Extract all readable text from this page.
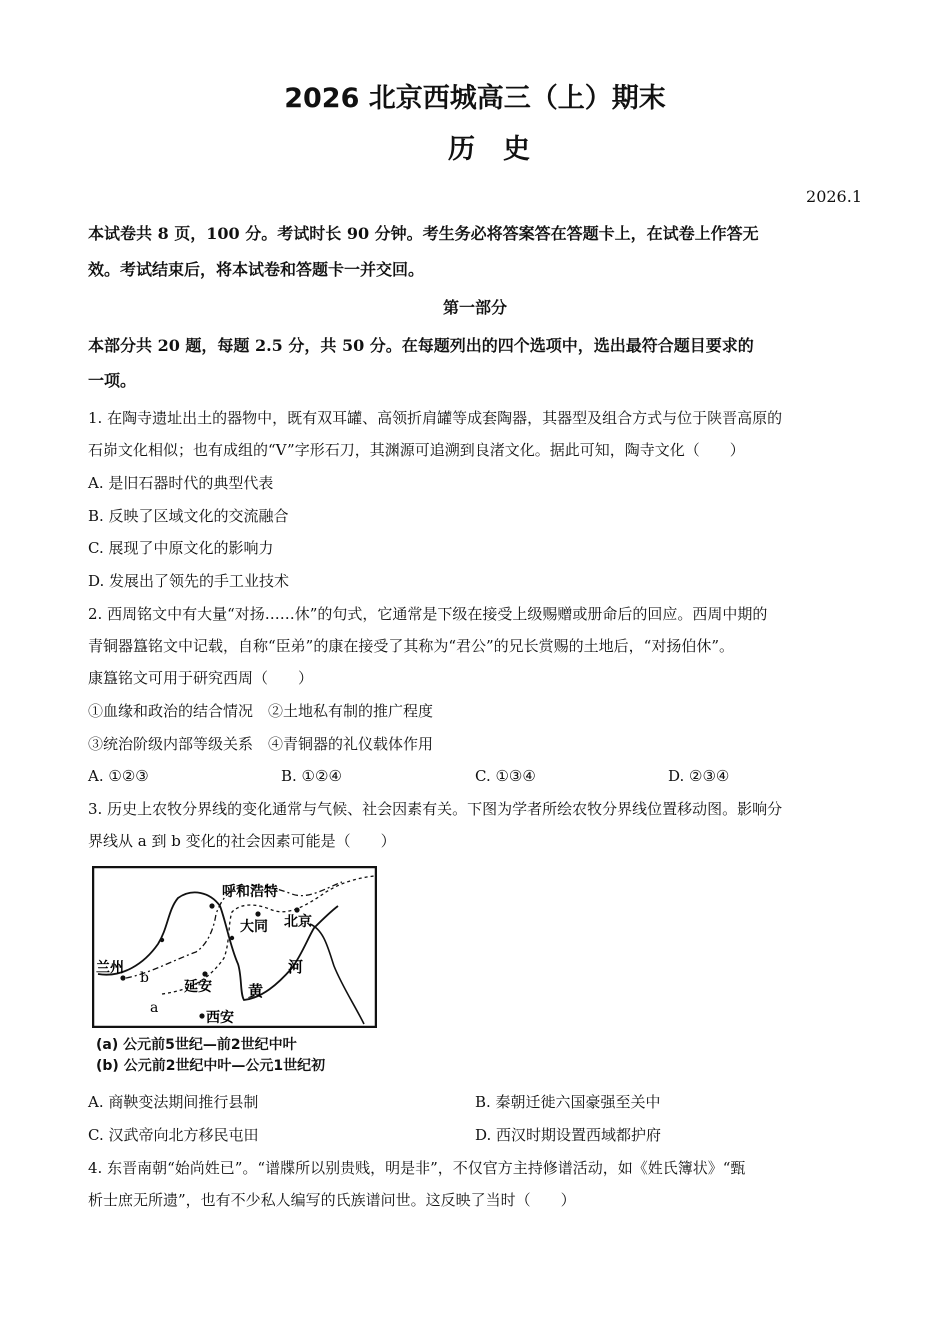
2026 北京西城高三（上）期末
历史
2026.1
本试卷共 8 页，100 分。考试时长 90 分钟。考生务必将答案答在答题卡上，在试卷上作答无
效。考试结束后，将本试卷和答题卡一并交回。
第一部分
本部分共 20 题，每题 2.5 分，共 50 分。在每题列出的四个选项中，选出最符合题目要求的
一项。
1. 在陶寺遗址出土的器物中，既有双耳罐、高领折肩罐等成套陶器，其器型及组合方式与位于陕晋高原的
石峁文化相似；也有成组的“V”字形石刀，其渊源可追溯到良渚文化。据此可知，陶寺文化（　　）
A. 是旧石器时代的典型代表
B. 反映了区域文化的交流融合
C. 展现了中原文化的影响力
D. 发展出了领先的手工业技术
2. 西周铭文中有大量“对扬……休”的句式，它通常是下级在接受上级赐赠或册命后的回应。西周中期的
青铜器簋铭文中记载，自称“臣弟”的康在接受了其称为“君公”的兄长赏赐的土地后，“对扬伯休”。
康簋铭文可用于研究西周（　　）
①血缘和政治的结合情况　②土地私有制的推广程度
③统治阶级内部等级关系　④青铜器的礼仪载体作用
A. ①②③	B. ①②④	C. ①③④	D. ②③④
3. 历史上农牧分界线的变化通常与气候、社会因素有关。下图为学者所绘农牧分界线位置移动图。影响分
界线从 a 到 b 变化的社会因素可能是（　　）
呼和浩特
大同 北京
兰州
延安
西安
黄
河
a
b
(a) 公元前5世纪—前2世纪中叶
(b) 公元前2世纪中叶—公元1世纪初
A. 商鞅变法期间推行县制	B. 秦朝迁徙六国豪强至关中
C. 汉武帝向北方移民屯田	D. 西汉时期设置西域都护府
4. 东晋南朝“始尚姓已”。“谱牒所以别贵贱，明是非”，不仅官方主持修谱活动，如《姓氏簿状》“甄
析士庶无所遗”，也有不少私人编写的氏族谱问世。这反映了当时（　　）
